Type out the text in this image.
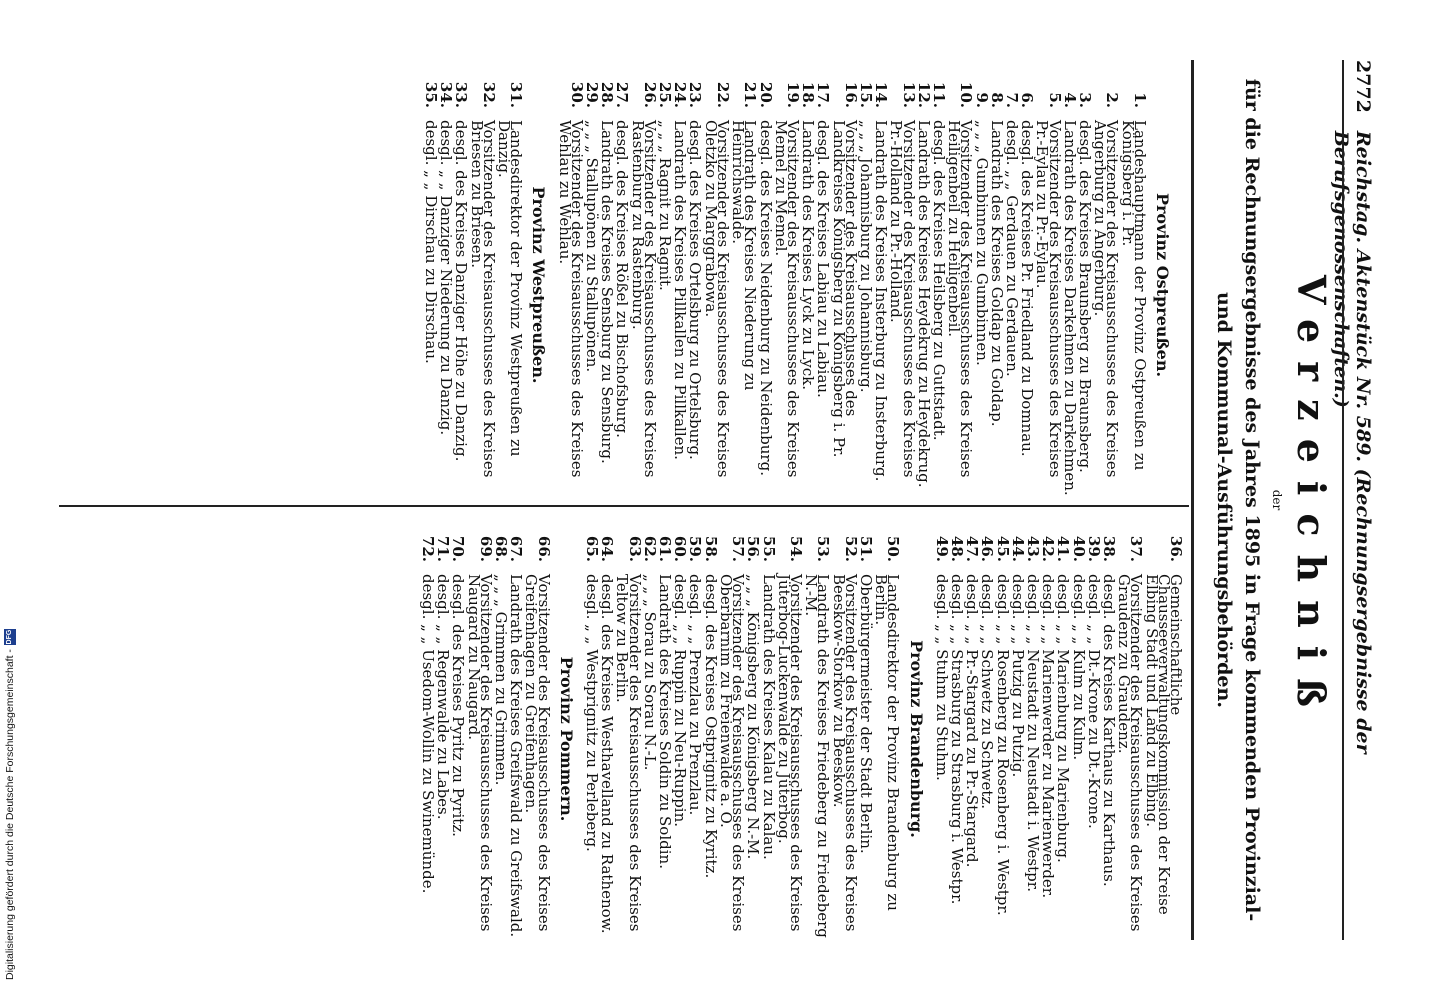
2772
Reichstag. Aktenstück Nr. 589. (Rechnungsergebnisse der Berufsgenossenschaften.)
Verzeichniß
der
für die Rechnungsergebnisse des Jahres 1895 in Frage kommenden Provinzial- und Kommunal-Ausführungsbehörden.
Provinz Ostpreußen.
1.
Landeshauptmann der Provinz Ostpreußen zu Königsberg i. Pr.
2.
Vorsitzender des Kreisausschusses des Kreises Angerburg zu Angerburg.
3.
desgl. des Kreises Braunsberg zu Braunsberg.
4.
Landrath des Kreises Darkehmen zu Darkehmen.
5.
Vorsitzender des Kreisausschusses des Kreises Pr.-Eylau zu Pr.-Eylau.
6.
desgl. des Kreises Pr. Friedland zu Domnau.
7.
desgl. „ „ Gerdauen zu Gerdauen.
8.
Landrath des Kreises Goldap zu Goldap.
9.
„ „ „ Gumbinnen zu Gumbinnen.
10.
Vorsitzender des Kreisausschusses des Kreises Heiligenbeil zu Heiligenbeil.
11.
desgl. des Kreises Heilsberg zu Guttstadt.
12.
Landrath des Kreises Heydekrug zu Heydekrug.
13.
Vorsitzender des Kreisausschusses des Kreises Pr.-Holland zu Pr.-Holland.
14.
Landrath des Kreises Insterburg zu Insterburg.
15.
„ „ „ Johannisburg zu Johannisburg.
16.
Vorsitzender des Kreisausschusses des Landkreises Königsberg zu Königsberg i. Pr.
17.
desgl. des Kreises Labiau zu Labiau.
18.
Landrath des Kreises Lyck zu Lyck.
19.
Vorsitzender des Kreisausschusses des Kreises Memel zu Memel.
20.
desgl. des Kreises Neidenburg zu Neidenburg.
21.
Landrath des Kreises Niederung zu Heinrichswalde.
22.
Vorsitzender des Kreisausschusses des Kreises Oletzko zu Marggrabowa.
23.
desgl. des Kreises Ortelsburg zu Ortelsburg.
24.
Landrath des Kreises Pillkallen zu Pillkallen.
25.
„ „ „ Ragnit zu Ragnit.
26.
Vorsitzender des Kreisausschusses des Kreises Rastenburg zu Rastenburg.
27.
desgl. des Kreises Rößel zu Bischofsburg.
28.
Landrath des Kreises Sensburg zu Sensburg.
29.
„ „ „ Stallupönen zu Stallupönen.
30.
Vorsitzender des Kreisausschusses des Kreises Wehlau zu Wehlau.
Provinz Westpreußen.
31.
Landesdirektor der Provinz Westpreußen zu Danzig.
32.
Vorsitzender des Kreisausschusses des Kreises Briesen zu Briesen.
33.
desgl. des Kreises Danziger Höhe zu Danzig.
34.
desgl. „ „ Danziger Niederung zu Danzig.
35.
desgl. „ „ Dirschau zu Dirschau.
36.
Gemeinschaftliche Chausseeverwaltungskommission der Kreise Elbing Stadt und Land zu Elbing.
37.
Vorsitzender des Kreisausschusses des Kreises Graudenz zu Graudenz.
38.
desgl. des Kreises Karthaus zu Karthaus.
39.
desgl. „ „ Dt.-Krone zu Dt.-Krone.
40.
desgl. „ „ Kulm zu Kulm.
41.
desgl. „ „ Marienburg zu Marienburg.
42.
desgl. „ „ Marienwerder zu Marienwerder.
43.
desgl. „ „ Neustadt zu Neustadt i. Westpr.
44.
desgl. „ „ Putzig zu Putzig.
45.
desgl. „ „ Rosenberg zu Rosenberg i. Westpr.
46.
desgl. „ „ Schwetz zu Schwetz.
47.
desgl. „ „ Pr.-Stargard zu Pr.-Stargard.
48.
desgl. „ „ Strasburg zu Strasburg i. Westpr.
49.
desgl. „ „ Stuhm zu Stuhm.
Provinz Brandenburg.
50.
Landesdirektor der Provinz Brandenburg zu Berlin.
51.
Oberbürgermeister der Stadt Berlin.
52.
Vorsitzender des Kreisausschusses des Kreises Beeskow-Storkow zu Beeskow.
53.
Landrath des Kreises Friedeberg zu Friedeberg N.-M.
54.
Vorsitzender des Kreisausschusses des Kreises Jüterbog-Luckenwalde zu Jüterbog.
55.
Landrath des Kreises Kalau zu Kalau.
56.
„ „ „ Königsberg zu Königsberg N.-M.
57.
Vorsitzender des Kreisausschusses des Kreises Oberbarnim zu Freienwalde a. O.
58.
desgl. des Kreises Ostprignitz zu Kyritz.
59.
desgl. „ „ Prenzlau zu Prenzlau.
60.
desgl. „ „ Ruppin zu Neu-Ruppin.
61.
Landrath des Kreises Soldin zu Soldin.
62.
„ „ „ Sorau zu Sorau N.-L.
63.
Vorsitzender des Kreisausschusses des Kreises Teltow zu Berlin.
64.
desgl. des Kreises Westhavelland zu Rathenow.
65.
desgl. „ „ Westprignitz zu Perleberg.
Provinz Pommern.
66.
Vorsitzender des Kreisausschusses des Kreises Greifenhagen zu Greifenhagen.
67.
Landrath des Kreises Greifswald zu Greifswald.
68.
„ „ „ Grimmen zu Grimmen.
69.
Vorsitzender des Kreisausschusses des Kreises Naugard zu Naugard.
70.
desgl. des Kreises Pyritz zu Pyritz.
71.
desgl. „ „ Regenwalde zu Labes.
72.
desgl. „ „ Usedom-Wollin zu Swinemünde.
Digitalisierung gefördert durch die Deutsche Forschungsgemeinschaft -
DFG
